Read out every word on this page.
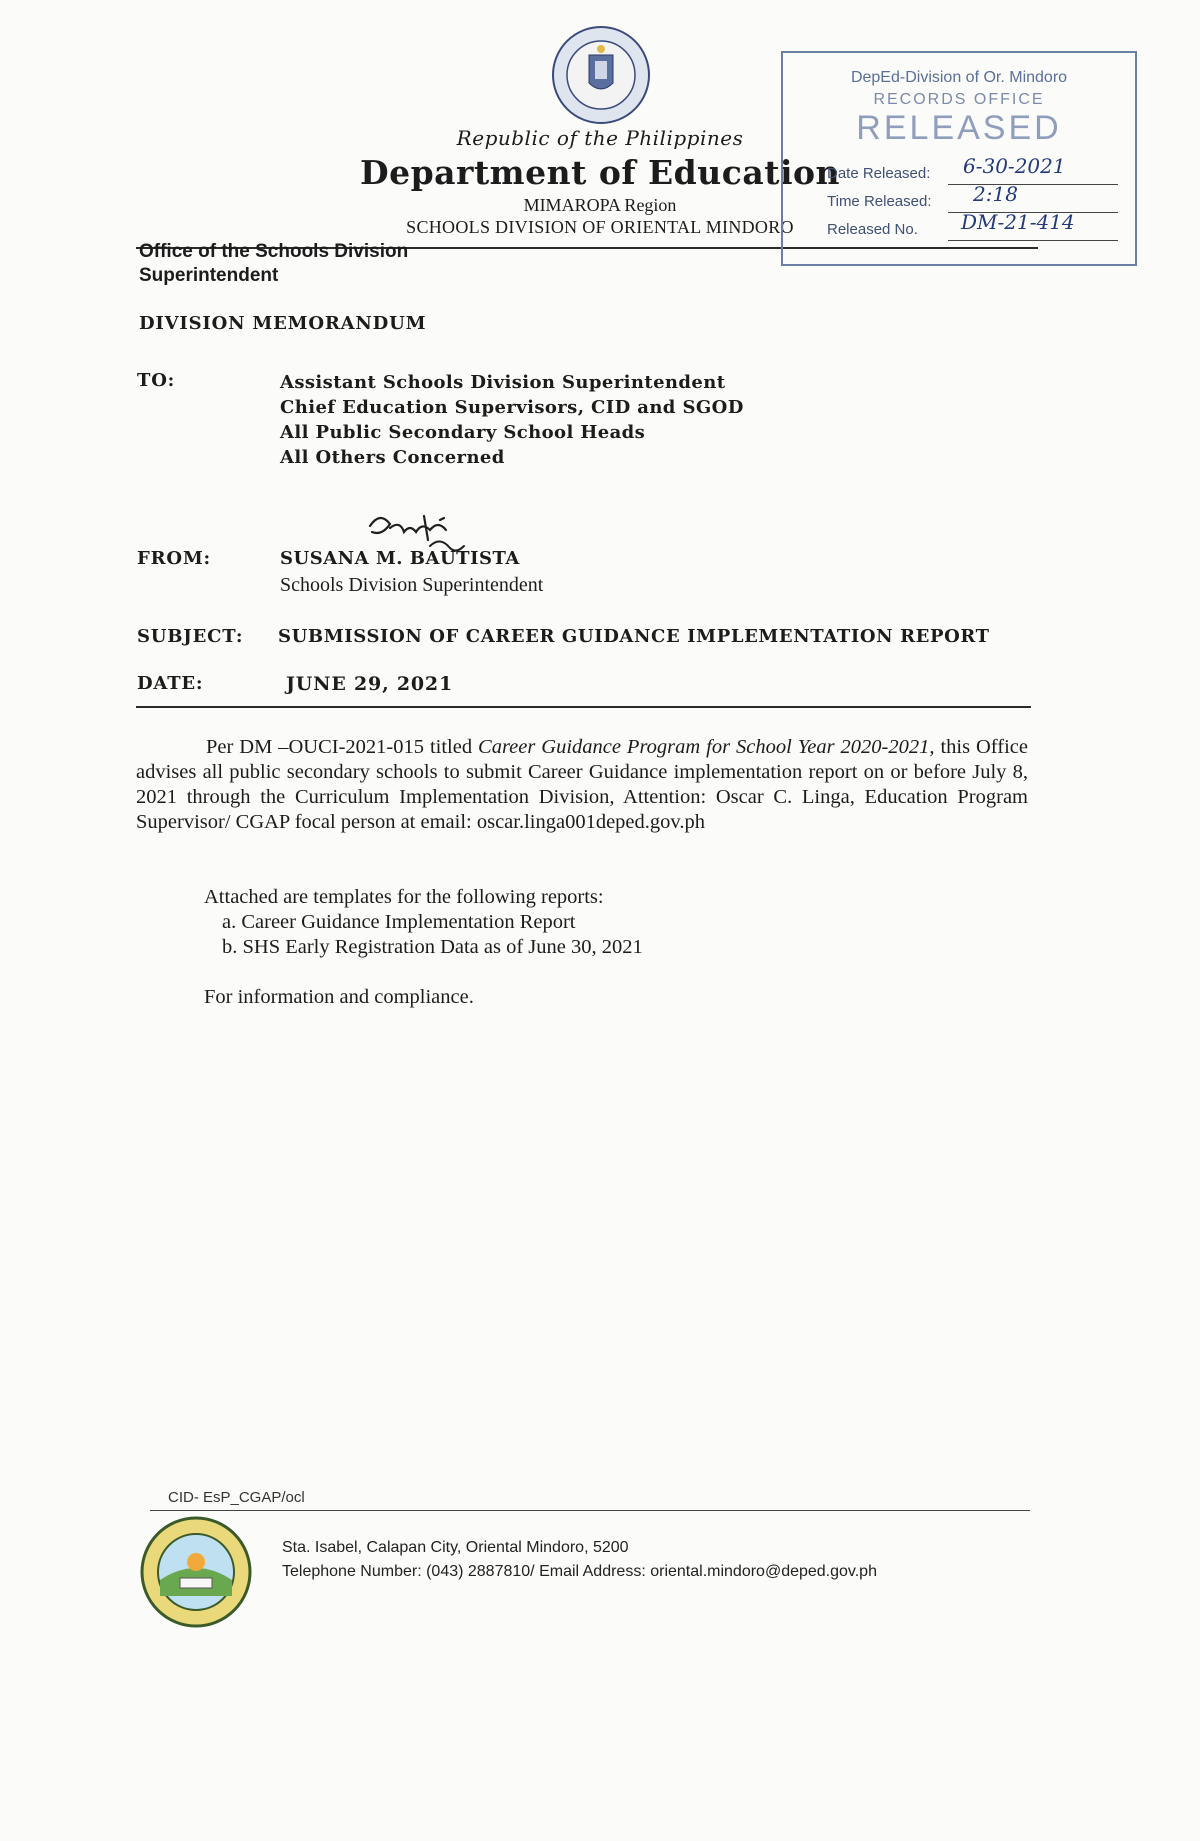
Republic of the Philippines
Department of Education
MIMAROPA Region
SCHOOLS DIVISION OF ORIENTAL MINDORO
DepEd-Division of Or. Mindoro
RECORDS OFFICE
RELEASED
Date Released: 6-30-2021
Time Released: 2:18
Released No. DM-21-414
Office of the Schools Division
Superintendent
DIVISION MEMORANDUM
TO:	Assistant Schools Division Superintendent
Chief Education Supervisors, CID and SGOD
All Public Secondary School Heads
All Others Concerned
FROM:	SUSANA M. BAUTISTA
Schools Division Superintendent
SUBJECT: SUBMISSION OF CAREER GUIDANCE IMPLEMENTATION REPORT
DATE:	JUNE 29, 2021
Per DM –OUCI-2021-015 titled Career Guidance Program for School Year 2020-2021, this Office advises all public secondary schools to submit Career Guidance implementation report on or before July 8, 2021 through the Curriculum Implementation Division, Attention: Oscar C. Linga, Education Program Supervisor/ CGAP focal person at email: oscar.linga001deped.gov.ph
Attached are templates for the following reports:
a. Career Guidance Implementation Report
b. SHS Early Registration Data as of June 30, 2021
For information and compliance.
CID- EsP_CGAP/ocl
Sta. Isabel, Calapan City, Oriental Mindoro, 5200
Telephone Number: (043) 2887810/ Email Address: oriental.mindoro@deped.gov.ph
